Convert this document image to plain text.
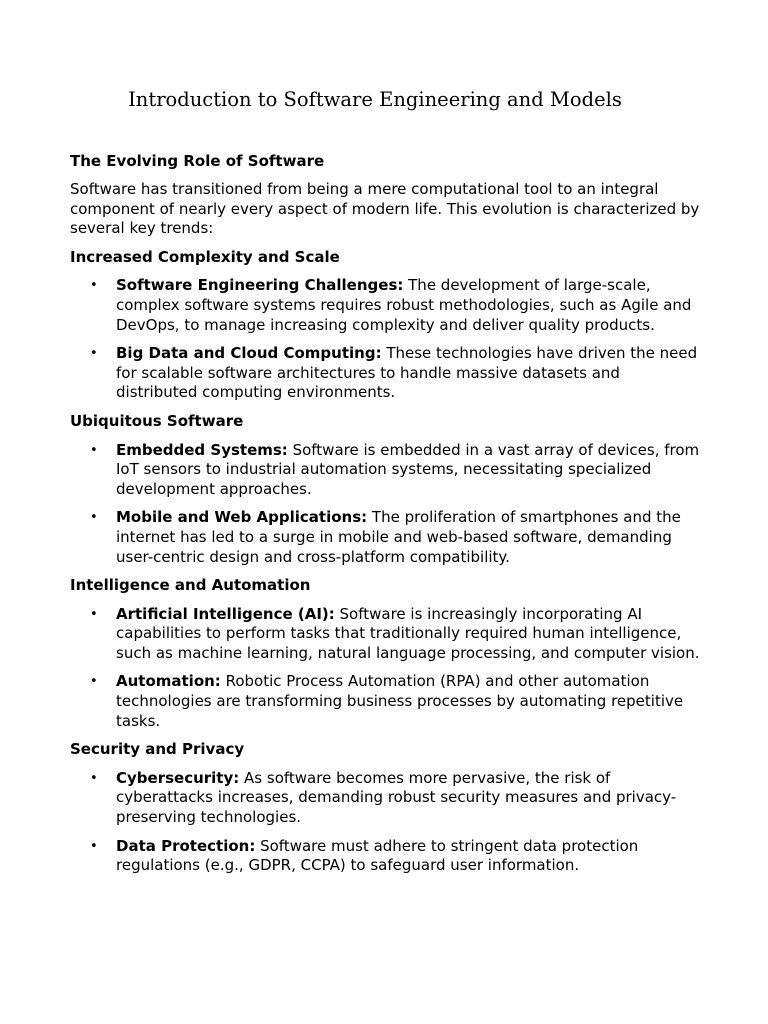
Introduction to Software Engineering and Models
The Evolving Role of Software

Software has transitioned from being a mere computational tool to an integral component of nearly every aspect of modern life. This evolution is characterized by several key trends:

Increased Complexity and Scale
• Software Engineering Challenges: The development of large-scale, complex software systems requires robust methodologies, such as Agile and DevOps, to manage increasing complexity and deliver quality products.
• Big Data and Cloud Computing: These technologies have driven the need for scalable software architectures to handle massive datasets and distributed computing environments.
Ubiquitous Software
• Embedded Systems: Software is embedded in a vast array of devices, from IoT sensors to industrial automation systems, necessitating specialized development approaches.
• Mobile and Web Applications: The proliferation of smartphones and the internet has led to a surge in mobile and web-based software, demanding user-centric design and cross-platform compatibility.
Intelligence and Automation
• Artificial Intelligence (AI): Software is increasingly incorporating AI capabilities to perform tasks that traditionally required human intelligence, such as machine learning, natural language processing, and computer vision.
• Automation: Robotic Process Automation (RPA) and other automation technologies are transforming business processes by automating repetitive tasks.
Security and Privacy
• Cybersecurity: As software becomes more pervasive, the risk of cyberattacks increases, demanding robust security measures and privacy-preserving technologies.
• Data Protection: Software must adhere to stringent data protection regulations (e.g., GDPR, CCPA) to safeguard user information.
